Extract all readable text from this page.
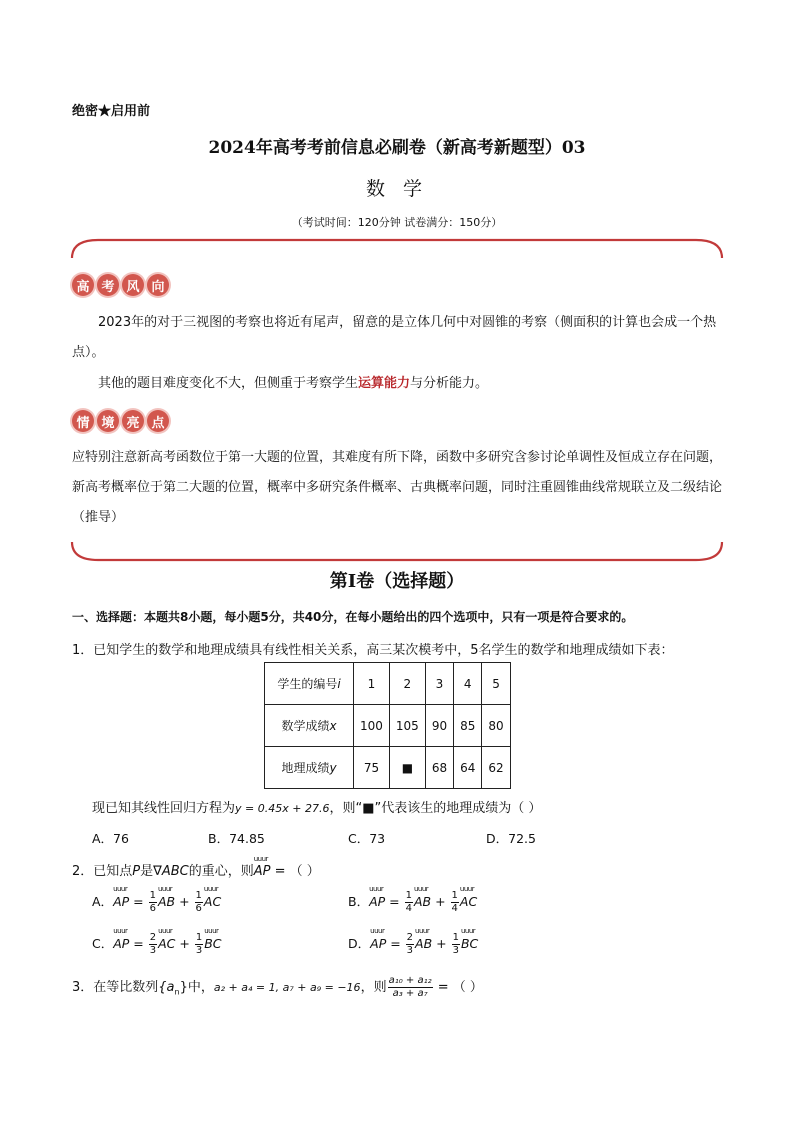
绝密★启用前
2024年高考考前信息必刷卷（新高考新题型）03
数 学
（考试时间：120分钟 试卷满分：150分）
高 考 风 向
2023年的对于三视图的考察也将近有尾声，留意的是立体几何中对圆锥的考察（侧面积的计算也会成一个热点）。
其他的题目难度变化不大，但侧重于考察学生运算能力与分析能力。
情 境 亮 点
应特别注意新高考函数位于第一大题的位置，其难度有所下降，函数中多研究含参讨论单调性及恒成立存在问题，新高考概率位于第二大题的位置，概率中多研究条件概率、古典概率问题，同时注重圆锥曲线常规联立及二级结论（推导）
第I卷（选择题）
一、选择题：本题共8小题，每小题5分，共40分，在每小题给出的四个选项中，只有一项是符合要求的。
1．已知学生的数学和地理成绩具有线性相关关系，高三某次模考中，5名学生的数学和地理成绩如下表：
学生的编号i	1	2	3	4	5
数学成绩x	100	105	90	85	80
地理成绩y	75	■	68	64	62
现已知其线性回归方程为y = 0.45x + 27.6，则“■”代表该生的地理成绩为（ ）
A．76	B．74.85	C．73	D．72.5
2．已知点P是∇ABC的重心，则uuur AP = （ ）
A．uuur AP = $\frac{1}{6}$ uuur AB + $\frac{1}{6}$ uuur AC	B．uuur AP = $\frac{1}{4}$ uuur AB + $\frac{1}{4}$ uuur AC
C．uuur AP = $\frac{2}{3}$ uuur AC + $\frac{1}{3}$ uuur BC	D．uuur AP = $\frac{2}{3}$ uuur AB + $\frac{1}{3}$ uuur BC
3．在等比数列$\{a_n\}$中，a₂ + a₄ = 1, a₇ + a₉ = −16，则 $\frac{\text{a₁₀ + a₁₂}}{\text{a₃ + a₇}}$ = （ ）
